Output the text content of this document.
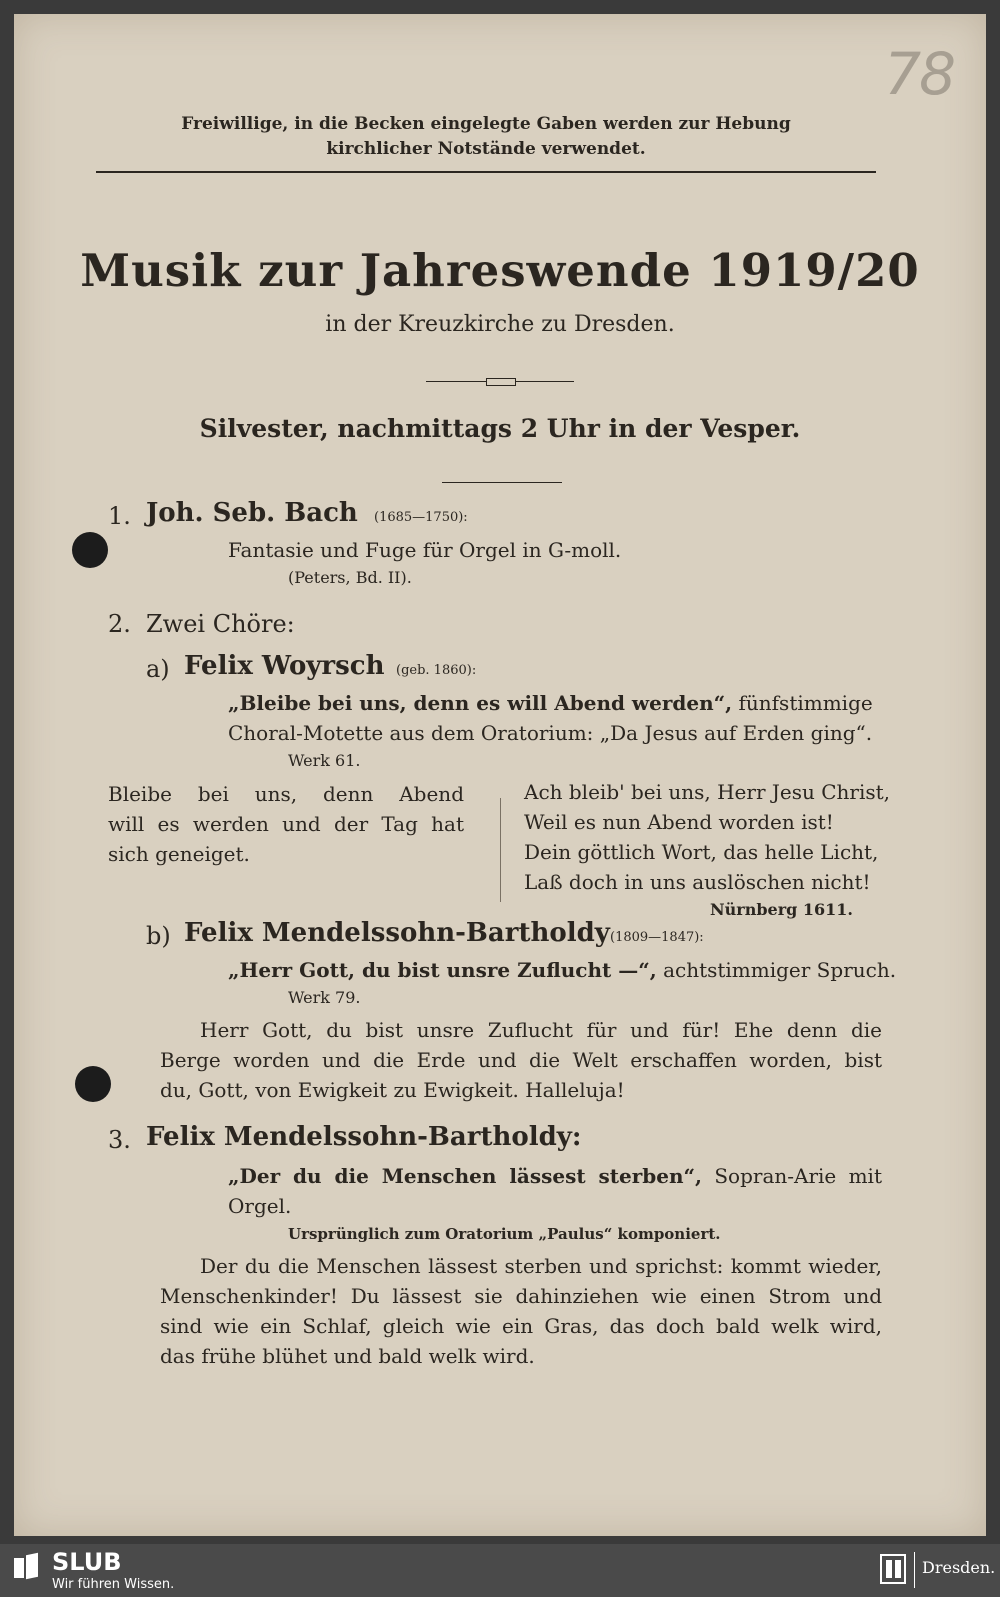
78
Freiwillige, in die Becken eingelegte Gaben werden zur Hebung
kirchlicher Notstände verwendet.
Musik zur Jahreswende 1919/20
in der Kreuzkirche zu Dresden.
Silvester, nachmittags 2 Uhr in der Vesper.
1. Joh. Seb. Bach (1685—1750):
Fantasie und Fuge für Orgel in G-moll.
(Peters, Bd. II).
2. Zwei Chöre:
a) Felix Woyrsch (geb. 1860):
„Bleibe bei uns, denn es will Abend werden“, fünfstimmige
Choral-Motette aus dem Oratorium: „Da Jesus auf Erden ging“.
Werk 61.
Bleibe bei uns, denn Abend
will es werden und der Tag hat
sich geneiget.
Ach bleib' bei uns, Herr Jesu Christ,
Weil es nun Abend worden ist!
Dein göttlich Wort, das helle Licht,
Laß doch in uns auslöschen nicht!
Nürnberg 1611.
b) Felix Mendelssohn-Bartholdy (1809—1847):
„Herr Gott, du bist unsre Zuflucht —“, achtstimmiger Spruch.
Werk 79.
Herr Gott, du bist unsre Zuflucht für und für! Ehe denn die
Berge worden und die Erde und die Welt erschaffen worden, bist
du, Gott, von Ewigkeit zu Ewigkeit. Halleluja!
3. Felix Mendelssohn-Bartholdy:
„Der du die Menschen lässest sterben“, Sopran-Arie mit
Orgel.
Ursprünglich zum Oratorium „Paulus“ komponiert.
Der du die Menschen lässest sterben und sprichst: kommt wieder,
Menschenkinder! Du lässest sie dahinziehen wie einen Strom und
sind wie ein Schlaf, gleich wie ein Gras, das doch bald welk wird,
das frühe blühet und bald welk wird.
SLUB
Wir führen Wissen.
Dresden.
